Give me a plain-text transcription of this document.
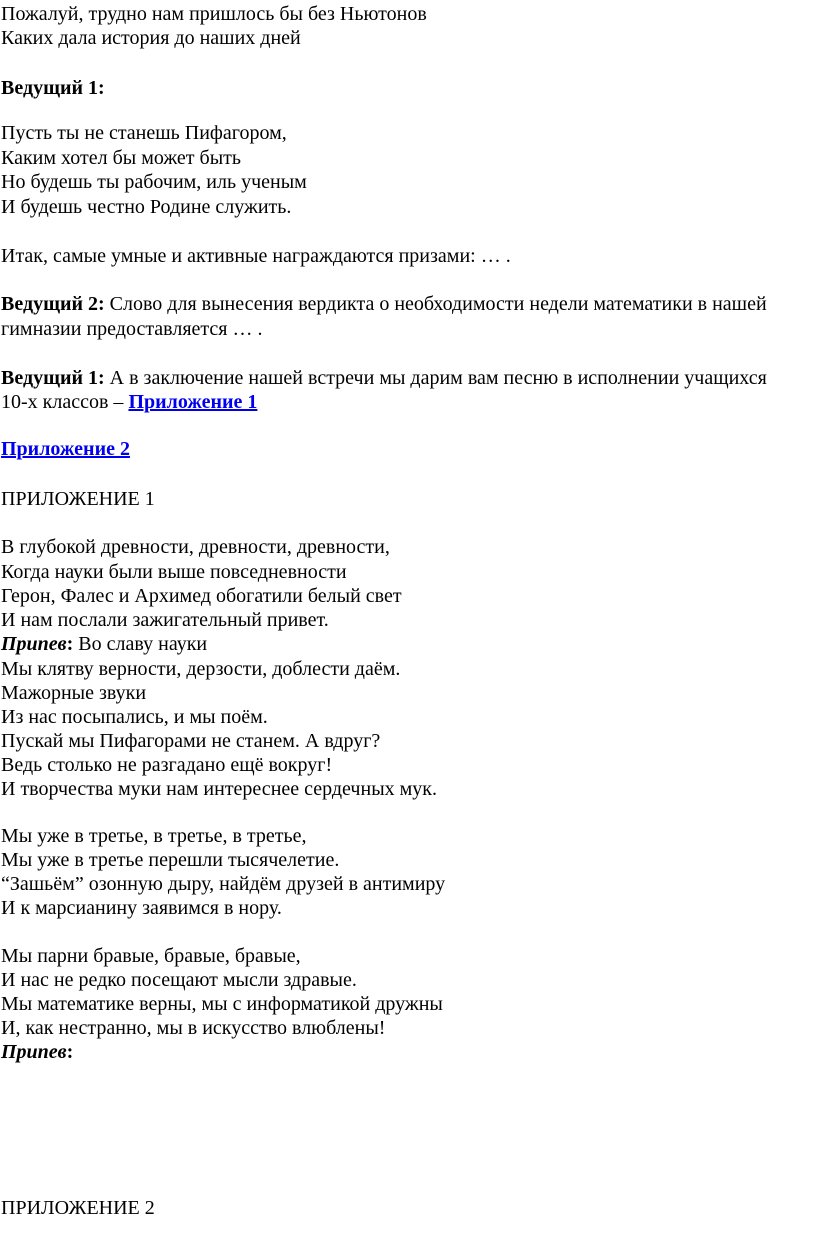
Пожалуй, трудно нам пришлось бы без Ньютонов
Каких дала история до наших дней
Ведущий 1:
Пусть ты не станешь Пифагором,
Каким хотел бы может быть
Но будешь ты рабочим, иль ученым
И будешь честно Родине служить.
Итак, самые умные и активные награждаются призами: … .
Ведущий 2: Слово для вынесения вердикта о необходимости недели математики в нашей
гимназии предоставляется … .
Ведущий 1: А в заключение нашей встречи мы дарим вам песню в исполнении учащихся
10-х классов – Приложение 1
Приложение 2
ПРИЛОЖЕНИЕ 1
В глубокой древности, древности, древности,
Когда науки были выше повседневности
Герон, Фалес и Архимед обогатили белый свет
И нам послали зажигательный привет.
Припев: Во славу науки
Мы клятву верности, дерзости, доблести даём.
Мажорные звуки
Из нас посыпались, и мы поём.
Пускай мы Пифагорами не станем. А вдруг?
Ведь столько не разгадано ещё вокруг!
И творчества муки нам интереснее сердечных мук.
Мы уже в третье, в третье, в третье,
Мы уже в третье перешли тысячелетие.
“Зашьём” озонную дыру, найдём друзей в антимиру
И к марсианину заявимся в нору.
Мы парни бравые, бравые, бравые,
И нас не редко посещают мысли здравые.
Мы математике верны, мы с информатикой дружны
И, как нестранно, мы в искусство влюблены!
Припев:
ПРИЛОЖЕНИЕ 2
